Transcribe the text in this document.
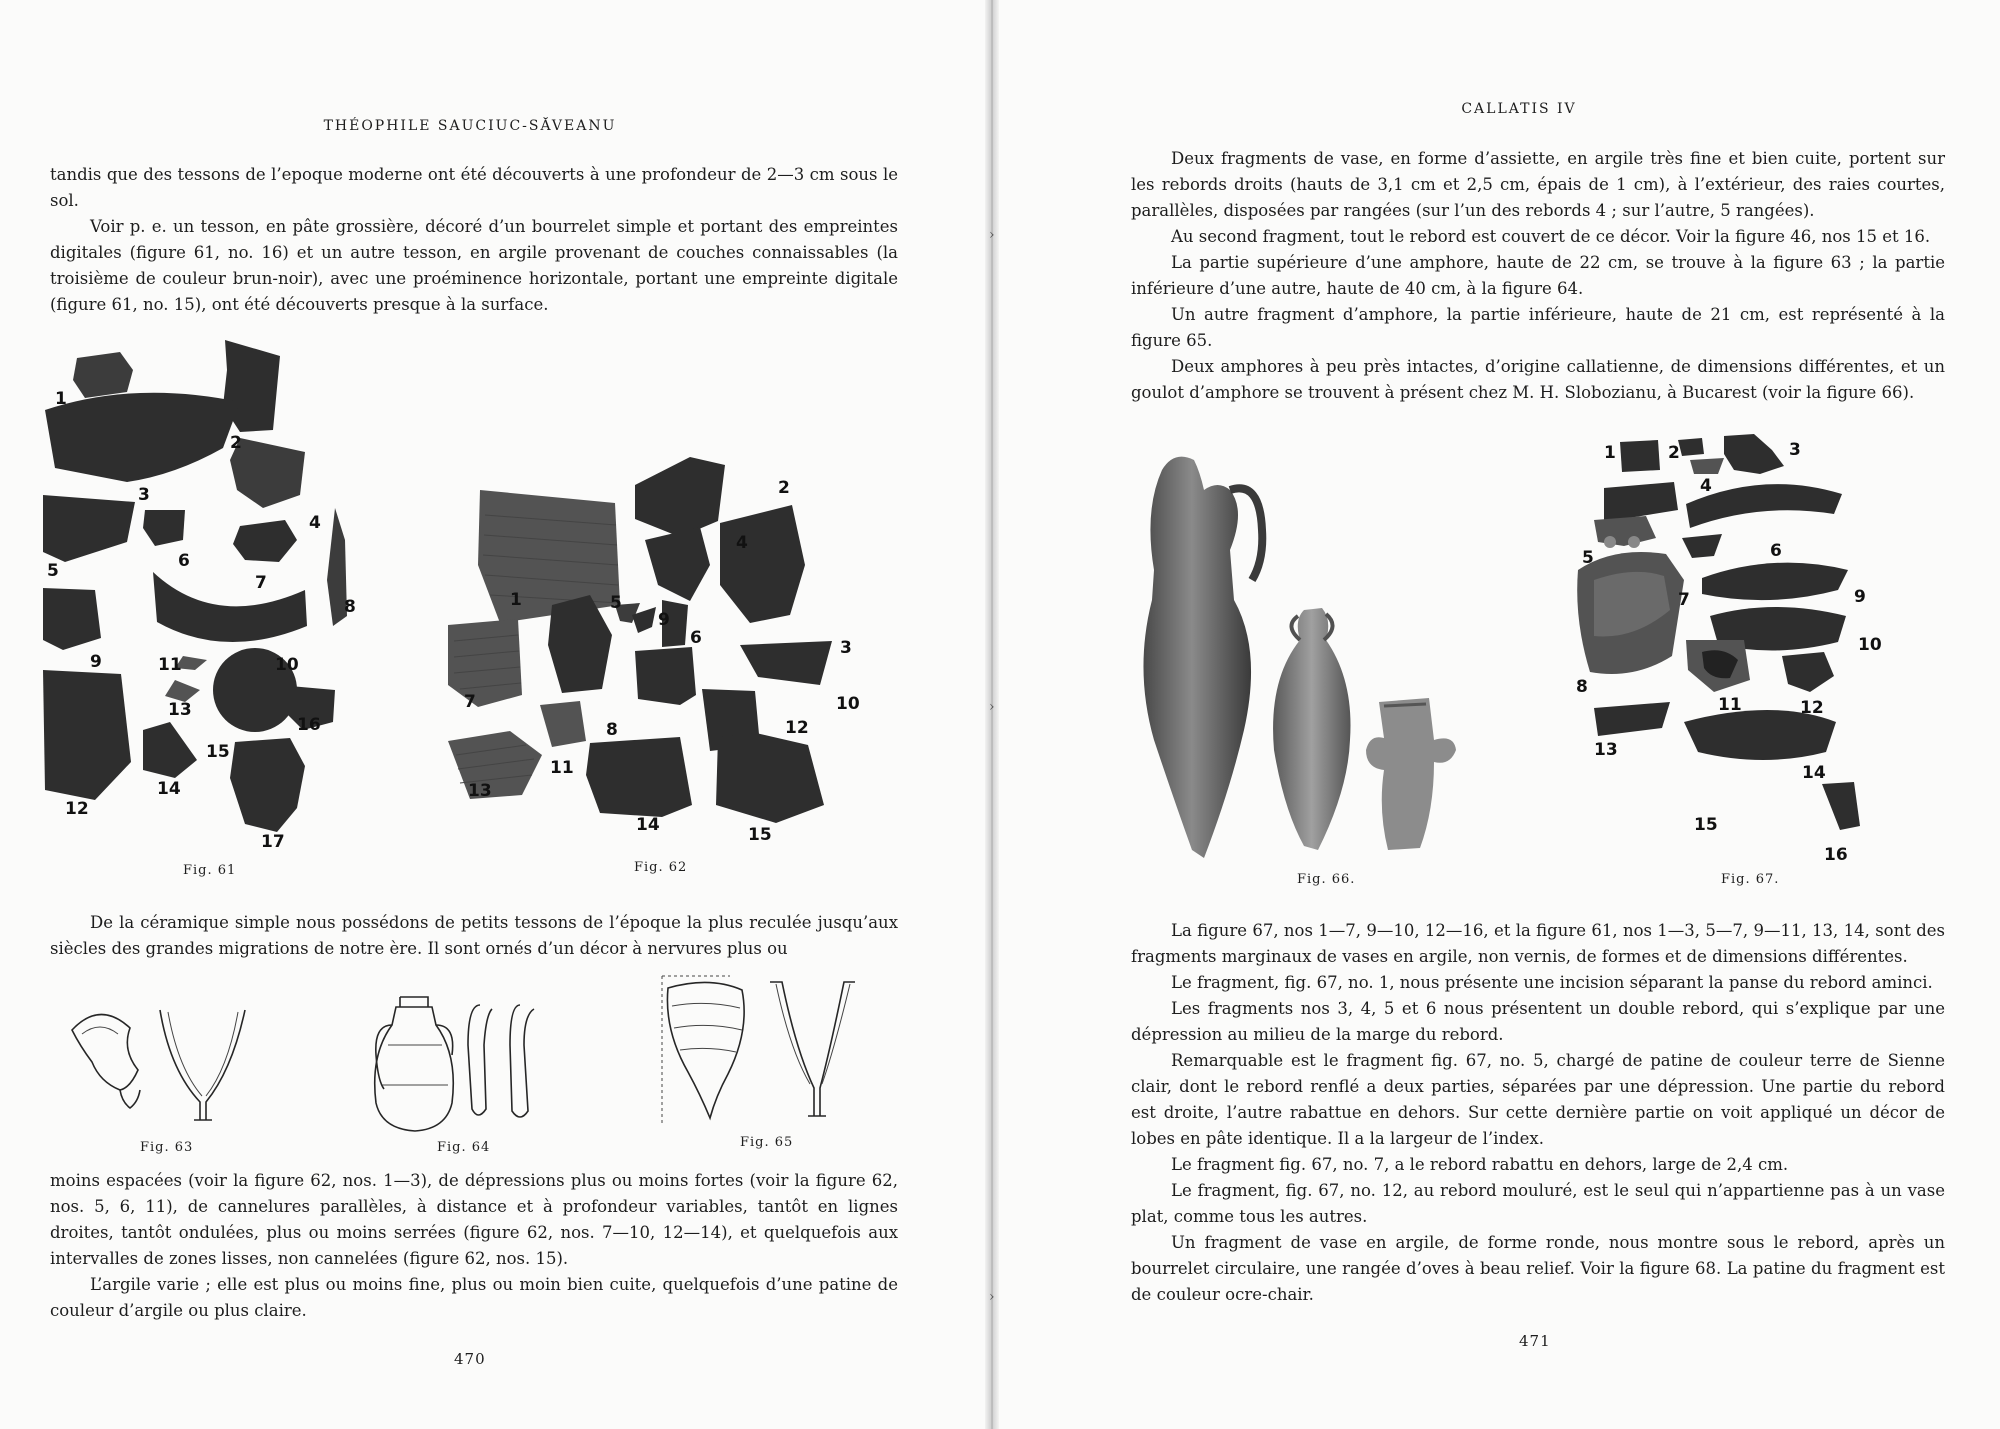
›
›
›
THÉOPHILE SAUCIUC-SĂVEANU

tandis que des tessons de l’epoque moderne ont été découverts à une profondeur de 2—3 cm sous le sol.

Voir p. e. un tesson, en pâte grossière, décoré d’un bourrelet simple et portant des empreintes digitales (figure 61, no. 16) et un autre tesson, en argile provenant de couches connaissables (la troisième de couleur brun-noir), avec une proéminence horizontale, portant une empreinte digitale (figure 61, no. 15), ont été découverts presque à la surface.

1
2
3
4
5	6
7
8
9	10
11
12
13
14
15
16
17
Fig. 61
1
2
3
4
5
6
7
8
9
10
11
12
13
14	15
Fig. 62

De la céramique simple nous possédons de petits tessons de l’époque la plus reculée jusqu’aux siècles des grandes migrations de notre ère. Il sont ornés d’un décor à nervures plus ou

Fig. 63	Fig. 64	Fig. 65

moins espacées (voir la figure 62, nos. 1—3), de dépressions plus ou moins fortes (voir la figure 62, nos. 5, 6, 11), de cannelures parallèles, à distance et à profondeur variables, tantôt en lignes droites, tantôt ondulées, plus ou moins serrées (figure 62, nos. 7—10, 12—14), et quelquefois aux intervalles de zones lisses, non cannelées (figure 62, nos. 15).

L’argile varie ; elle est plus ou moins fine, plus ou moin bien cuite, quelquefois d’une patine de couleur d’argile ou plus claire.

470
CALLATIS IV

Deux fragments de vase, en forme d’assiette, en argile très fine et bien cuite, portent sur les rebords droits (hauts de 3,1 cm et 2,5 cm, épais de 1 cm), à l’extérieur, des raies courtes, parallèles, disposées par rangées (sur l’un des rebords 4 ; sur l’autre, 5 rangées).

Au second fragment, tout le rebord est couvert de ce décor. Voir la figure 46, nos 15 et 16.

La partie supérieure d’une amphore, haute de 22 cm, se trouve à la figure 63 ; la partie inférieure d’une autre, haute de 40 cm, à la figure 64.

Un autre fragment d’amphore, la partie inférieure, haute de 21 cm, est représenté à la figure 65.

Deux amphores à peu près intactes, d’origine callatienne, de dimensions différentes, et un goulot d’amphore se trouvent à présent chez M. H. Slobozianu, à Bucarest (voir la figure 66).

Fig. 66.
1	2	3
4
5	6
7
8
9
10
11	12
13
14
15
16
Fig. 67.

La figure 67, nos 1—7, 9—10, 12—16, et la figure 61, nos 1—3, 5—7, 9—11, 13, 14, sont des fragments marginaux de vases en argile, non vernis, de formes et de dimensions différentes.

Le fragment, fig. 67, no. 1, nous présente une incision séparant la panse du rebord aminci.

Les fragments nos 3, 4, 5 et 6 nous présentent un double rebord, qui s’explique par une dépression au milieu de la marge du rebord.

Remarquable est le fragment fig. 67, no. 5, chargé de patine de couleur terre de Sienne clair, dont le rebord renflé a deux parties, séparées par une dépression. Une partie du rebord est droite, l’autre rabattue en dehors. Sur cette dernière partie on voit appliqué un décor de lobes en pâte identique. Il a la largeur de l’index.

Le fragment fig. 67, no. 7, a le rebord rabattu en dehors, large de 2,4 cm.

Le fragment, fig. 67, no. 12, au rebord mouluré, est le seul qui n’appartienne pas à un vase plat, comme tous les autres.

Un fragment de vase en argile, de forme ronde, nous montre sous le rebord, après un bourrelet circulaire, une rangée d’oves à beau relief. Voir la figure 68. La patine du fragment est de couleur ocre-chair.

471
